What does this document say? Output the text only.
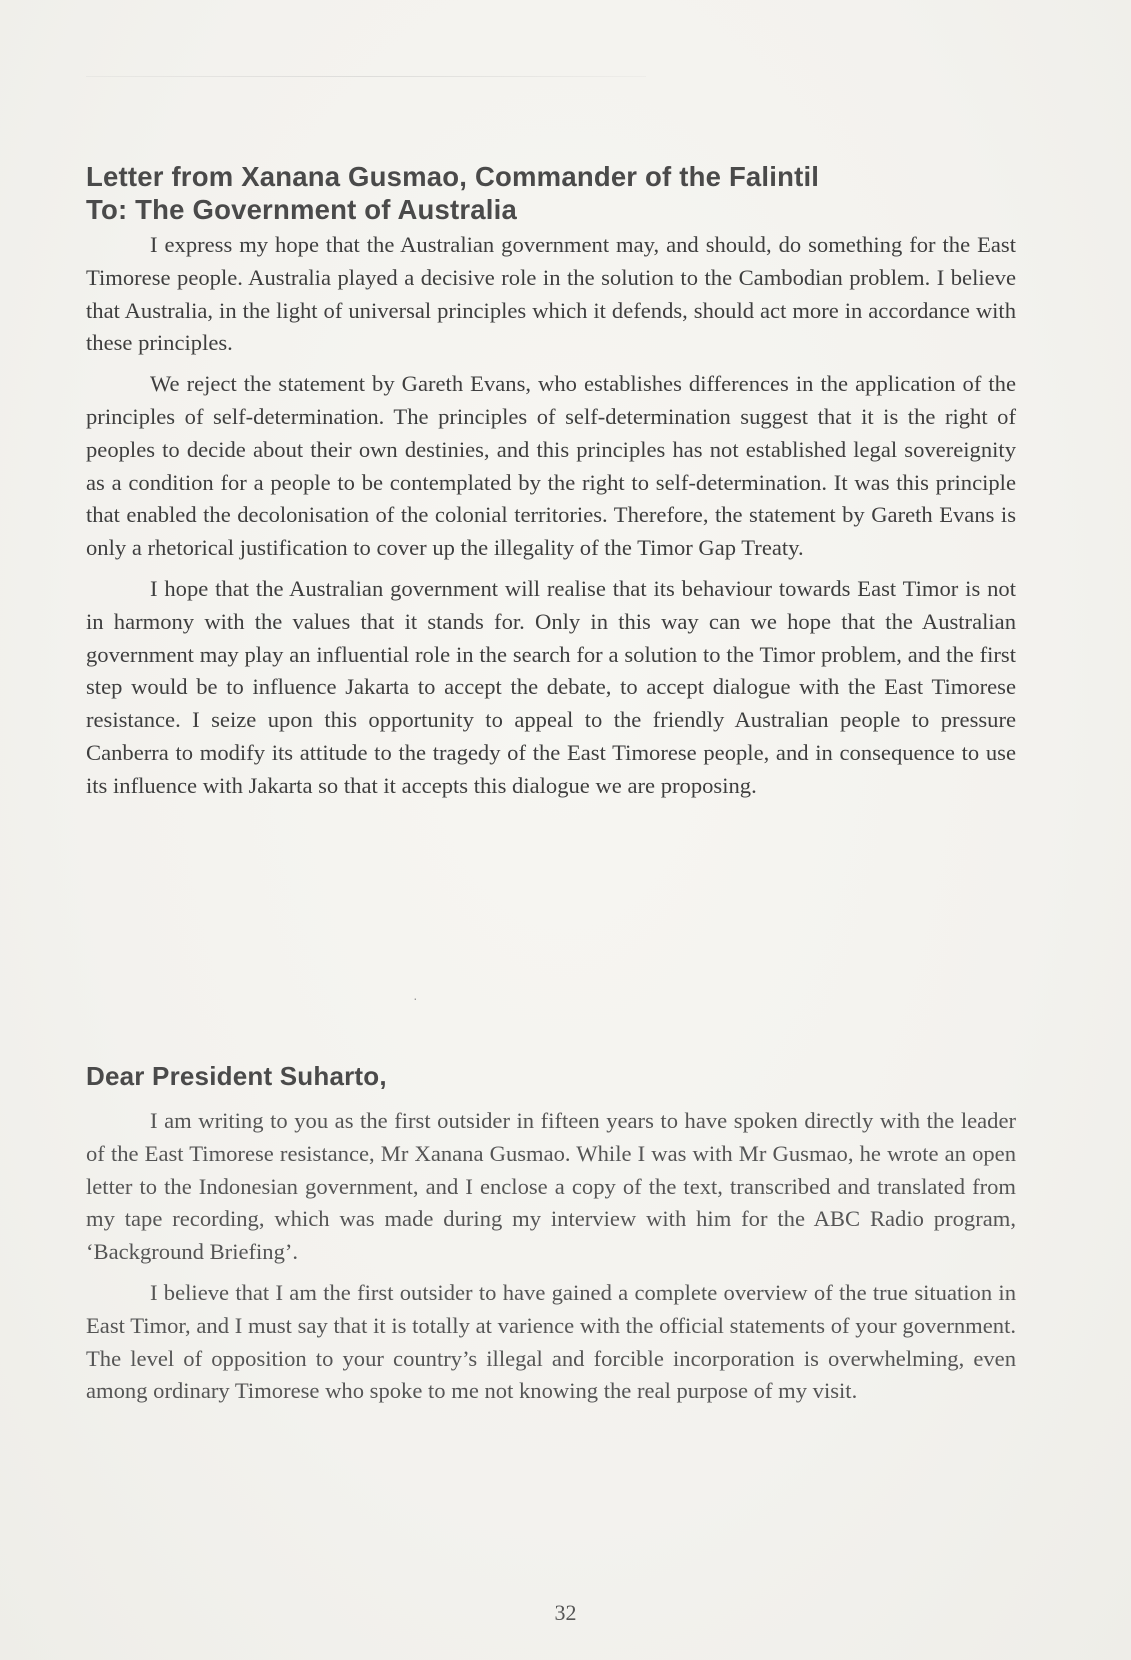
Letter from Xanana Gusmao, Commander of the Falintil
To: The Government of Australia

I express my hope that the Australian government may, and should, do something for the East Timorese people. Australia played a decisive role in the solution to the Cambodian problem. I believe that Australia, in the light of universal principles which it defends, should act more in accordance with these principles.

We reject the statement by Gareth Evans, who establishes differences in the application of the principles of self-determination. The principles of self-determination suggest that it is the right of peoples to decide about their own destinies, and this principles has not established legal sovereignity as a condition for a people to be contemplated by the right to self-determination. It was this principle that enabled the decolonisation of the colonial territories. Therefore, the statement by Gareth Evans is only a rhetorical justification to cover up the illegality of the Timor Gap Treaty.

I hope that the Australian government will realise that its behaviour towards East Timor is not in harmony with the values that it stands for. Only in this way can we hope that the Australian government may play an influential role in the search for a solution to the Timor problem, and the first step would be to influence Jakarta to accept the debate, to accept dialogue with the East Timorese resistance. I seize upon this opportunity to appeal to the friendly Australian people to pressure Canberra to modify its attitude to the tragedy of the East Timorese people, and in consequence to use its influence with Jakarta so that it accepts this dialogue we are proposing.

·
Dear President Suharto,

I am writing to you as the first outsider in fifteen years to have spoken directly with the leader of the East Timorese resistance, Mr Xanana Gusmao. While I was with Mr Gusmao, he wrote an open letter to the Indonesian government, and I enclose a copy of the text, transcribed and translated from my tape recording, which was made during my interview with him for the ABC Radio program, ‘Background Briefing’.

I believe that I am the first outsider to have gained a complete overview of the true situation in East Timor, and I must say that it is totally at varience with the official statements of your government. The level of opposition to your country’s illegal and forcible incorporation is overwhelming, even among ordinary Timorese who spoke to me not knowing the real purpose of my visit.

32
